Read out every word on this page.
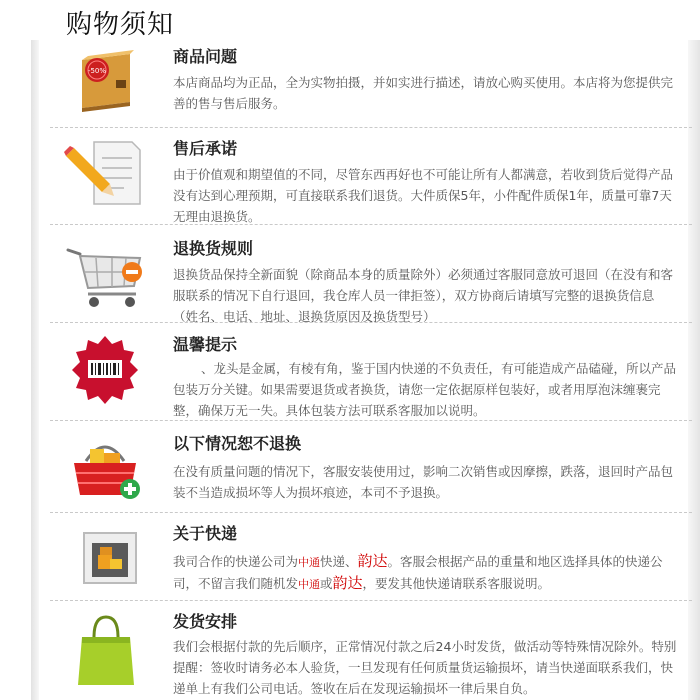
购物须知
-50%
商品问题
本店商品均为正品，全为实物拍摄，并如实进行描述，请放心购买使用。本店将为您提供完善的售与售后服务。
售后承诺
由于价值观和期望值的不同，尽管东西再好也不可能让所有人都满意，若收到货后觉得产品没有达到心理预期，可直接联系我们退货。大件质保5年，小件配件质保1年，质量可靠7天无理由退换货。
退换货规则
退换货品保持全新面貌（除商品本身的质量除外）必须通过客服同意放可退回（在没有和客服联系的情况下自行退回，我仓库人员一律拒签），双方协商后请填写完整的退换货信息（姓名、电话、地址、退换货原因及换货型号）
温馨提示
、龙头是金属，有棱有角，鉴于国内快递的不负责任，有可能造成产品磕碰，所以产品包装万分关键。如果需要退货或者换货，请您一定依据原样包装好，或者用厚泡沫缠裹完整，确保万无一失。具体包装方法可联系客服加以说明。
以下情况恕不退换
在没有质量问题的情况下，客服安装使用过，影响二次销售或因摩擦，跌落，退回时产品包装不当造成损坏等人为损坏痕迹，本司不予退换。
关于快递
我司合作的快递公司为中通快递、韵达。客服会根据产品的重量和地区选择具体的快递公司，不留言我们随机发中通或韵达，要发其他快递请联系客服说明。
发货安排
我们会根据付款的先后顺序，正常情况付款之后24小时发货，做活动等特殊情况除外。特别提醒：签收时请务必本人验货，一旦发现有任何质量货运输损坏，请当快递面联系我们，快递单上有我们公司电话。签收在后在发现运输损坏一律后果自负。
